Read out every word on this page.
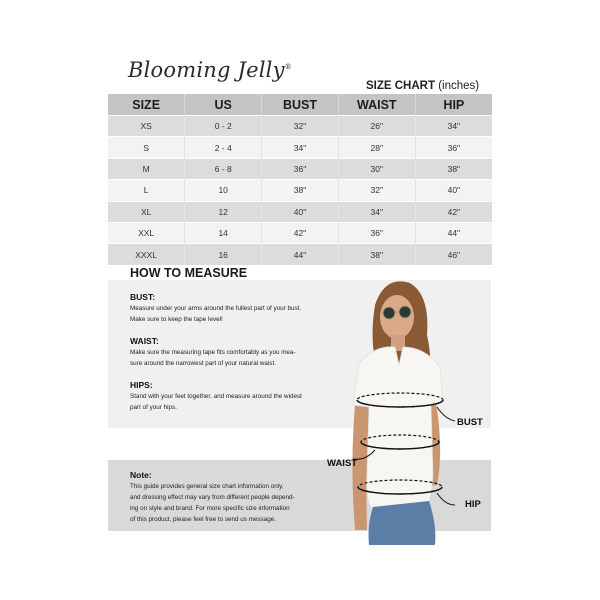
Blooming Jelly®
SIZE CHART (inches)
SIZE	US	BUST	WAIST	HIP
XS	0 - 2	32"	26"	34"
S	2 - 4	34"	28"	36"
M	6 - 8	36"	30"	38"
L	10	38"	32"	40"
XL	12	40"	34"	42"
XXL	14	42"	36"	44"
XXXL	16	44"	38"	46"
HOW TO MEASURE
BUST:
Measure under your arms around the fullest part of your bust.
Make sure to keep the tape level!
WAIST:
Make sure the measuring tape fits comfortably as you mea-
sure around the narrowest part of your natural waist.
HIPS:
Stand with your feet together, and measure around the widest
part of your hips.
Note:
This guide provides general size chart information only,
and dressing effect may vary from different people depend-
ing on style and brand. For more specific size information
of this product, please feel free to send us message.
BUST
WAIST
HIP
